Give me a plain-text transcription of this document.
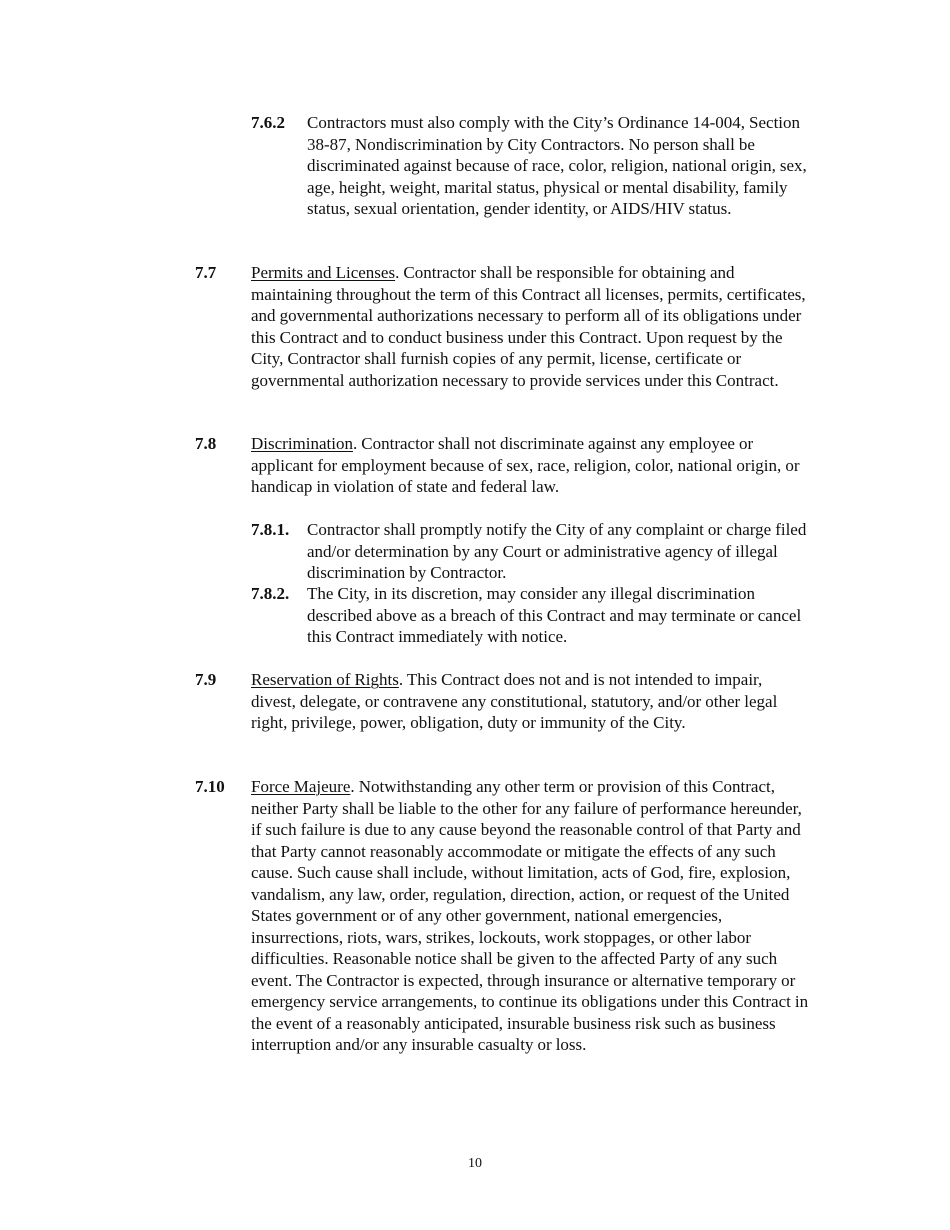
7.6.2 Contractors must also comply with the City’s Ordinance 14-004, Section 38-87, Nondiscrimination by City Contractors. No person shall be discriminated against because of race, color, religion, national origin, sex, age, height, weight, marital status, physical or mental disability, family status, sexual orientation, gender identity, or AIDS/HIV status.
7.7 Permits and Licenses. Contractor shall be responsible for obtaining and maintaining throughout the term of this Contract all licenses, permits, certificates, and governmental authorizations necessary to perform all of its obligations under this Contract and to conduct business under this Contract. Upon request by the City, Contractor shall furnish copies of any permit, license, certificate or governmental authorization necessary to provide services under this Contract.
7.8 Discrimination. Contractor shall not discriminate against any employee or applicant for employment because of sex, race, religion, color, national origin, or handicap in violation of state and federal law.
7.8.1. Contractor shall promptly notify the City of any complaint or charge filed and/or determination by any Court or administrative agency of illegal discrimination by Contractor.
7.8.2. The City, in its discretion, may consider any illegal discrimination described above as a breach of this Contract and may terminate or cancel this Contract immediately with notice.
7.9 Reservation of Rights. This Contract does not and is not intended to impair, divest, delegate, or contravene any constitutional, statutory, and/or other legal right, privilege, power, obligation, duty or immunity of the City.
7.10 Force Majeure. Notwithstanding any other term or provision of this Contract, neither Party shall be liable to the other for any failure of performance hereunder, if such failure is due to any cause beyond the reasonable control of that Party and that Party cannot reasonably accommodate or mitigate the effects of any such cause. Such cause shall include, without limitation, acts of God, fire, explosion, vandalism, any law, order, regulation, direction, action, or request of the United States government or of any other government, national emergencies, insurrections, riots, wars, strikes, lockouts, work stoppages, or other labor difficulties. Reasonable notice shall be given to the affected Party of any such event. The Contractor is expected, through insurance or alternative temporary or emergency service arrangements, to continue its obligations under this Contract in the event of a reasonably anticipated, insurable business risk such as business interruption and/or any insurable casualty or loss.
10
